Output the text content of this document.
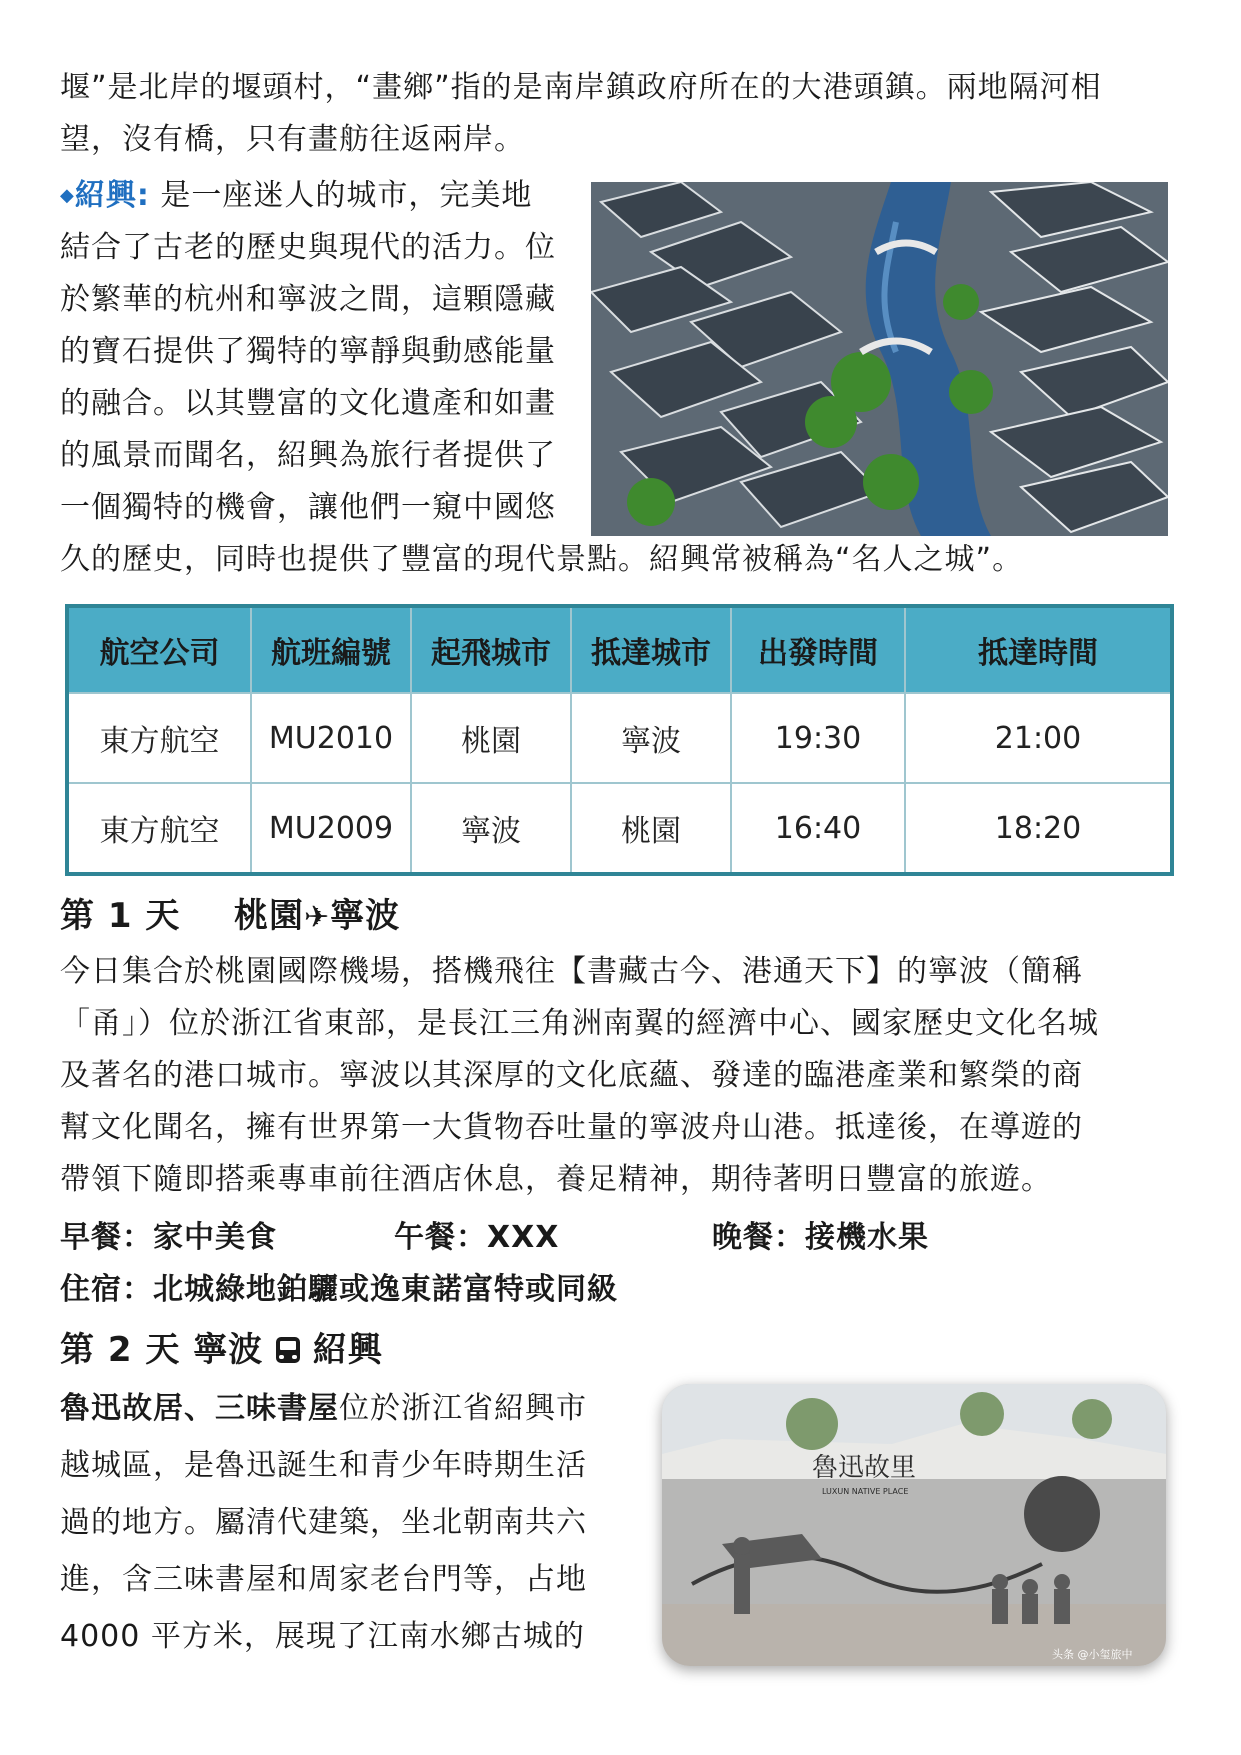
堰”是北岸的堰頭村，“畫鄉”指的是南岸鎮政府所在的大港頭鎮。兩地隔河相
望，沒有橋，只有畫舫往返兩岸。
◆紹興: 是一座迷人的城市，完美地
結合了古老的歷史與現代的活力。位
於繁華的杭州和寧波之間，這顆隱藏
的寶石提供了獨特的寧靜與動感能量
的融合。以其豐富的文化遺產和如畫
的風景而聞名，紹興為旅行者提供了
一個獨特的機會，讓他們一窺中國悠
久的歷史，同時也提供了豐富的現代景點。紹興常被稱為“名人之城”。
航空公司	航班編號	起飛城市	抵達城市	出發時間	抵達時間
東方航空	MU2010	桃園	寧波	19:30	21:00
東方航空	MU2009	寧波	桃園	16:40	18:20
第 1 天 桃園✈寧波
今日集合於桃園國際機場，搭機飛往【書藏古今、港通天下】的寧波（簡稱
「甬」）位於浙江省東部，是長江三角洲南翼的經濟中心、國家歷史文化名城
及著名的港口城市。寧波以其深厚的文化底蘊、發達的臨港產業和繁榮的商
幫文化聞名，擁有世界第一大貨物吞吐量的寧波舟山港。抵達後，在導遊的
帶領下隨即搭乘專車前往酒店休息，養足精神，期待著明日豐富的旅遊。
早餐：家中美食	午餐：XXX	晚餐：接機水果
住宿：北城綠地鉑驪或逸東諾富特或同級
第 2 天 寧波 紹興
魯迅故居、三味書屋位於浙江省紹興市
越城區，是魯迅誕生和青少年時期生活
過的地方。屬清代建築，坐北朝南共六
進，含三味書屋和周家老台門等，占地
4000 平方米，展現了江南水鄉古城的
魯迅故里
LUXUN NATIVE PLACE
头条 @小玺旅中
